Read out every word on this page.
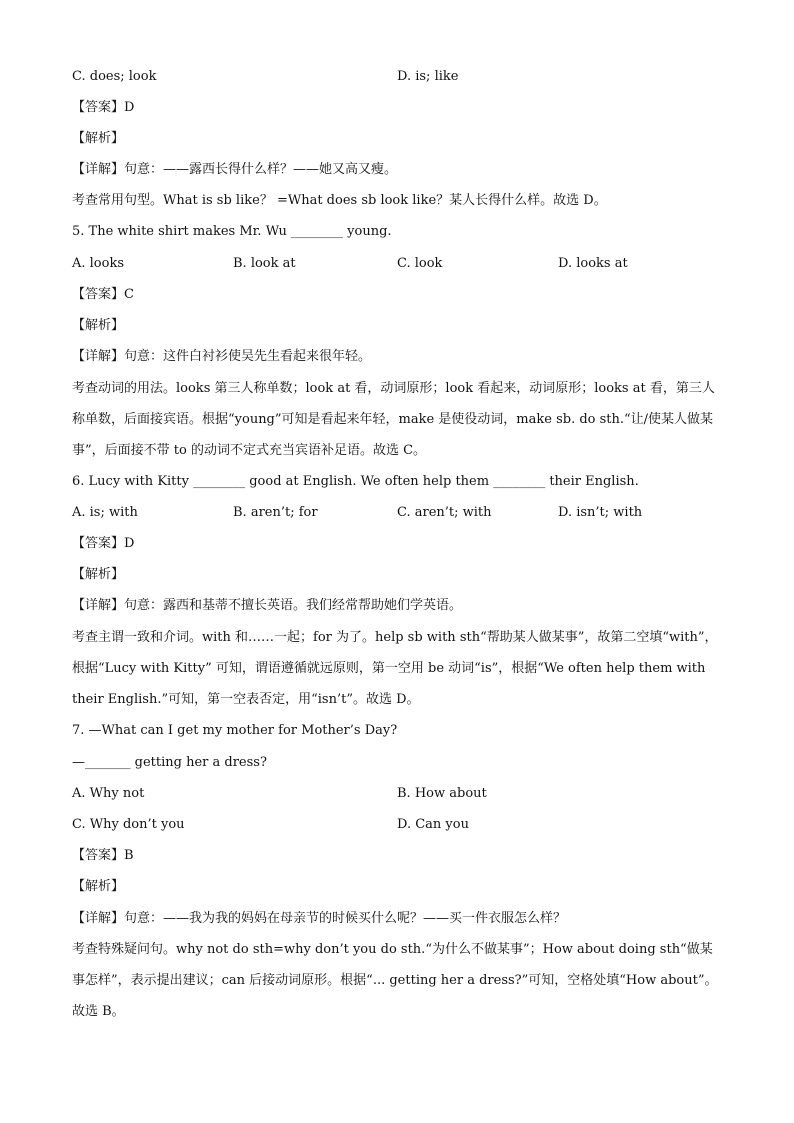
C. does; look	D. is; like
【答案】D
【解析】
【详解】句意：——露西长得什么样？——她又高又瘦。
考查常用句型。What is sb like？ =What does sb look like？某人长得什么样。故选 D。
5. The white shirt makes Mr. Wu ________ young.
A. looks	B. look at	C. look	D. looks at
【答案】C
【解析】
【详解】句意：这件白衬衫使吴先生看起来很年轻。
考查动词的用法。looks 第三人称单数；look at 看，动词原形；look 看起来，动词原形；looks at 看，第三人称单数，后面接宾语。根据“young”可知是看起来年轻，make 是使役动词，make sb. do sth.“让/使某人做某事”，后面接不带 to 的动词不定式充当宾语补足语。故选 C。
6. Lucy with Kitty ________ good at English. We often help them ________ their English.
A. is; with	B. aren’t; for	C. aren’t; with	D. isn’t; with
【答案】D
【解析】
【详解】句意：露西和基蒂不擅长英语。我们经常帮助她们学英语。
考查主谓一致和介词。with 和……一起；for 为了。help sb with sth“帮助某人做某事”，故第二空填“with”，根据“Lucy with Kitty” 可知，谓语遵循就远原则，第一空用 be 动词“is”，根据“We often help them with their English.”可知，第一空表否定，用“isn’t”。故选 D。
7. —What can I get my mother for Mother’s Day?
—_______ getting her a dress?
A. Why not	B. How about
C. Why don’t you	D. Can you
【答案】B
【解析】
【详解】句意：——我为我的妈妈在母亲节的时候买什么呢？——买一件衣服怎么样？
考查特殊疑问句。why not do sth=why don’t you do sth.“为什么不做某事”；How about doing sth“做某事怎样”，表示提出建议；can 后接动词原形。根据“... getting her a dress?”可知，空格处填“How about”。故选 B。
